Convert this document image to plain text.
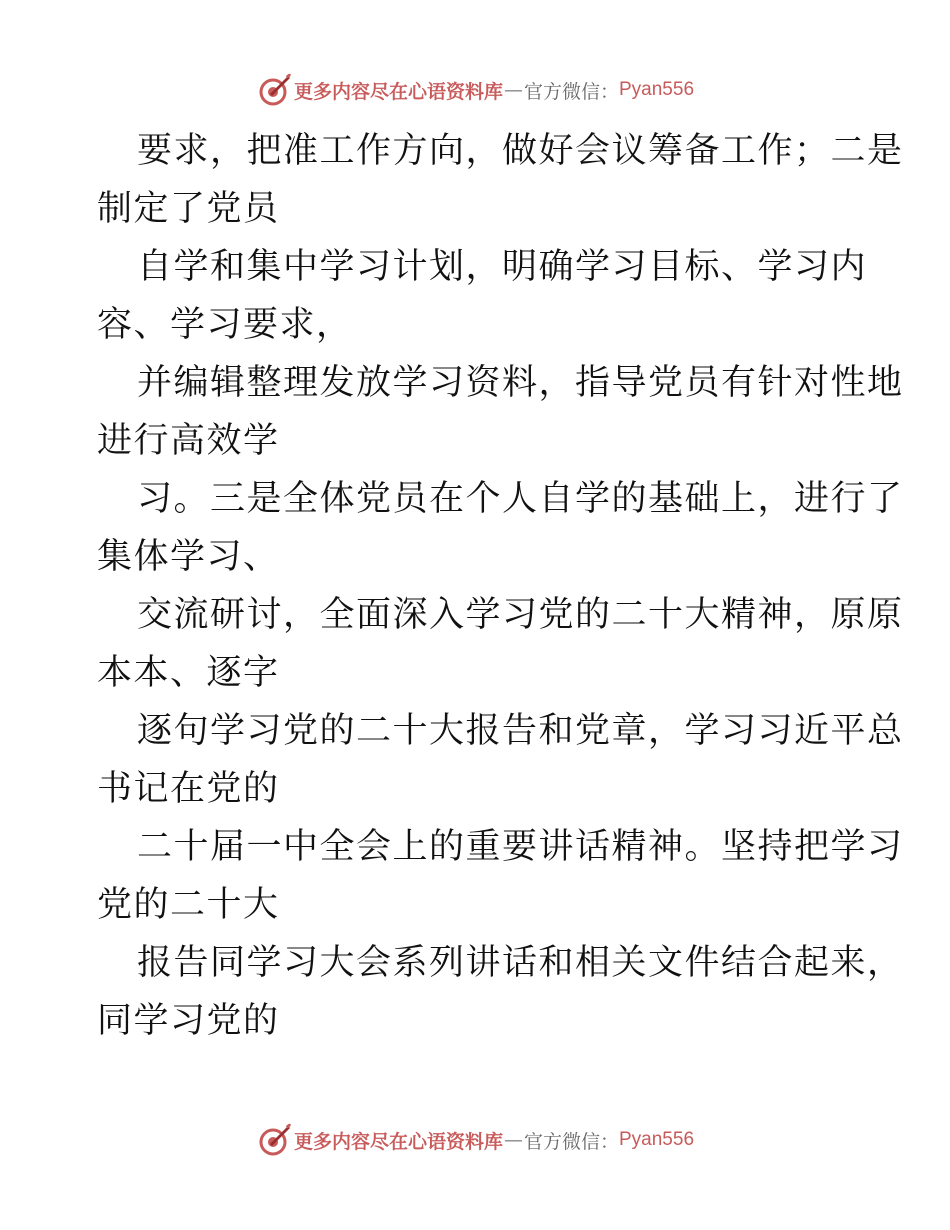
更多内容尽在心语资料库 — 官方微信： Pyan556
要求，把准工作方向，做好会议筹备工作；二是
制定了党员
自学和集中学习计划，明确学习目标、学习内
容、学习要求，
并编辑整理发放学习资料，指导党员有针对性地
进行高效学
习。三是全体党员在个人自学的基础上，进行了
集体学习、
交流研讨，全面深入学习党的二十大精神，原原
本本、逐字
逐句学习党的二十大报告和党章，学习习近平总
书记在党的
二十届一中全会上的重要讲话精神。坚持把学习
党的二十大
报告同学习大会系列讲话和相关文件结合起来，
同学习党的
更多内容尽在心语资料库 — 官方微信： Pyan556
